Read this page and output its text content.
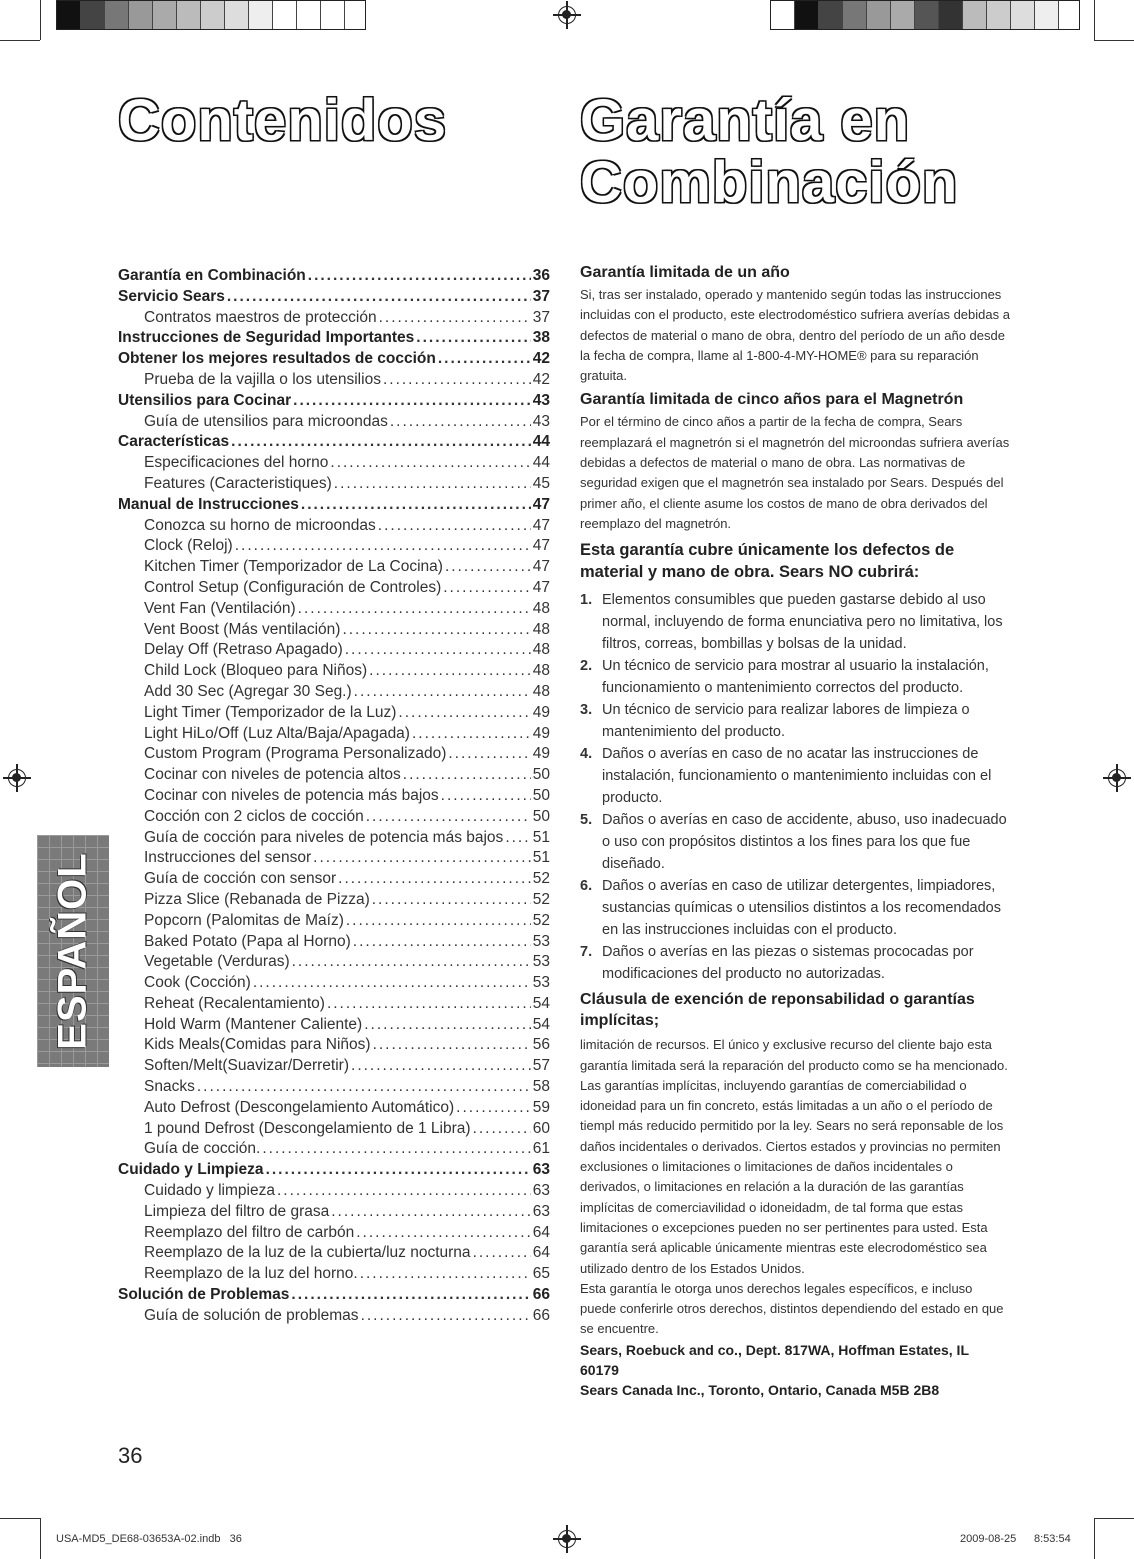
Contenidos Garantía en
Combinación
Garantía en Combinación .....	36
Servicio Sears .....	37
Contratos maestros de protección .....	37
Instrucciones de Seguridad Importantes .....	38
Obtener los mejores resultados de cocción .....	42
Prueba de la vajilla o los utensilios .....	42
Utensilios para Cocinar .....	43
Guía de utensilios para microondas .....	43
Características .....	44
Especificaciones del horno .....	44
Features (Caracteristiques) .....	45
Manual de Instrucciones .....	47
Conozca su horno de microondas .....	47
Clock (Reloj) .....	47
Kitchen Timer (Temporizador de La Cocina) .....	47
Control Setup (Configuración de Controles) .....	47
Vent Fan (Ventilación) .....	48
Vent Boost (Más ventilación) .....	48
Delay Off (Retraso Apagado) .....	48
Child Lock (Bloqueo para Niños) .....	48
Add 30 Sec (Agregar 30 Seg.) .....	48
Light Timer (Temporizador de la Luz) .....	49
Light HiLo/Off (Luz Alta/Baja/Apagada) .....	49
Custom Program (Programa Personalizado) .....	49
Cocinar con niveles de potencia altos .....	50
Cocinar con niveles de potencia más bajos .....	50
Cocción con 2 ciclos de cocción .....	50
Guía de cocción para niveles de potencia más bajos ..... 51
Instrucciones del sensor .....	51
Guía de cocción con sensor .....	52
Pizza Slice (Rebanada de Pizza) .....	52
Popcorn (Palomitas de Maíz) .....	52
Baked Potato (Papa al Horno) .....	53
Vegetable (Verduras) .....	53
Cook (Cocción) .....	53
Reheat (Recalentamiento) .....	54
Hold Warm (Mantener Caliente) .....	54
Kids Meals(Comidas para Niños) .....	56
Soften/Melt(Suavizar/Derretir) .....	57
Snacks .....	58
Auto Defrost (Descongelamiento Automático) .....	59
1 pound Defrost (Descongelamiento de 1 Libra) .....	60
Guía de cocción. .....	61
Cuidado y Limpieza .....	63
Cuidado y limpieza .....	63
Limpieza del filtro de grasa .....	63
Reemplazo del filtro de carbón .....	64
Reemplazo de la luz de la cubierta/luz nocturna .....	64
Reemplazo de la luz del horno. .....	65
Solución de Problemas .....	66
Guía de solución de problemas .....	66
Garantía limitada de un año

Si, tras ser instalado, operado y mantenido según todas las instrucciones incluidas con el producto, este electrodoméstico sufriera averías debidas a defectos de material o mano de obra, dentro del período de un año desde la fecha de compra, llame al 1-800-4-MY-HOME® para su reparación gratuita.

Garantía limitada de cinco años para el Magnetrón

Por el término de cinco años a partir de la fecha de compra, Sears reemplazará el magnetrón si el magnetrón del microondas sufriera averías debidas a defectos de material o mano de obra. Las normativas de seguridad exigen que el magnetrón sea instalado por Sears. Después del primer año, el cliente asume los costos de mano de obra derivados del reemplazo del magnetrón.

Esta garantía cubre únicamente los defectos de material y mano de obra. Sears NO cubrirá:
1. Elementos consumibles que pueden gastarse debido al uso normal, incluyendo de forma enunciativa pero no limitativa, los filtros, correas, bombillas y bolsas de la unidad.
2. Un técnico de servicio para mostrar al usuario la instalación, funcionamiento o mantenimiento correctos del producto.
3. Un técnico de servicio para realizar labores de limpieza o mantenimiento del producto.
4. Daños o averías en caso de no acatar las instrucciones de instalación, funcionamiento o mantenimiento incluidas con el producto.
5. Daños o averías en caso de accidente, abuso, uso inadecuado o uso con propósitos distintos a los fines para los que fue diseñado.
6. Daños o averías en caso de utilizar detergentes, limpiadores, sustancias químicas o utensilios distintos a los recomendados en las instrucciones incluidas con el producto.
7. Daños o averías en las piezas o sistemas prococadas por modificaciones del producto no autorizadas.
Cláusula de exención de reponsabilidad o garantías implícitas;

limitación de recursos. El único y exclusive recurso del cliente bajo esta garantía limitada será la reparación del producto como se ha mencionado. Las garantías implícitas, incluyendo garantías de comerciabilidad o idoneidad para un fin concreto, estás limitadas a un año o el período de tiempl más reducido permitido por la ley. Sears no será reponsable de los daños incidentales o derivados. Ciertos estados y provincias no permiten exclusiones o limitaciones o limitaciones de daños incidentales o derivados, o limitaciones en relación a la duración de las garantías implícitas de comerciavilidad o idoneidadm, de tal forma que estas limitaciones o excepciones pueden no ser pertinentes para usted. Esta garantía será aplicable únicamente mientras este elecrodoméstico sea utilizado dentro de los Estados Unidos.

Esta garantía le otorga unos derechos legales específicos, e incluso puede conferirle otros derechos, distintos dependiendo del estado en que se encuentre.

Sears, Roebuck and co., Dept. 817WA, Hoffman Estates, IL 60179
Sears Canada Inc., Toronto, Ontario, Canada M5B 2B8
ESPAÑOL
36
USA-MD5_DE68-03653A-02.indb   36	2009-08-25 8:53:54
